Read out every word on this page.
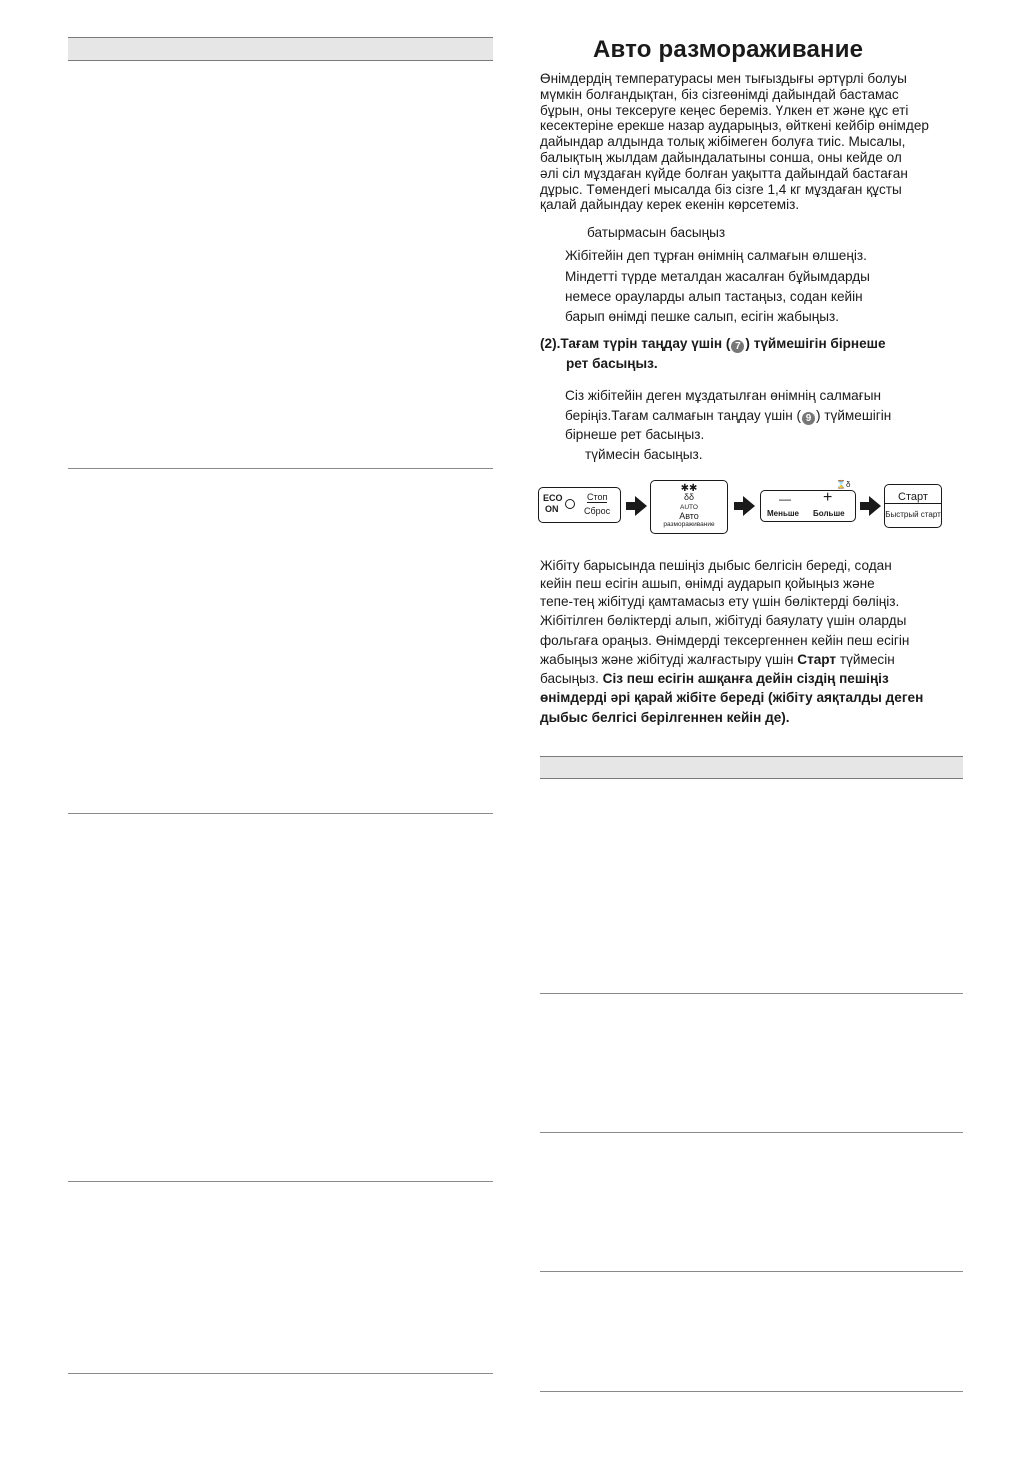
Авто размораживание

Өнімдердің температурасы мен тығыздығы әртүрлі болуы

мүмкін болғандықтан, біз сізгеөнімді дайындай бастамас

бұрын, оны тексеруге кеңес береміз. Үлкен ет және құс еті

кесектеріне ерекше назар аударыңыз, өйткені кейбір өнімдер

дайындар алдында толық жібімеген болуға тиіс. Мысалы,

балықтың жылдам дайындалатыны сонша, оны кейде ол

әлі сіл мұздаған күйде болған уақытта дайындай бастаған

дұрыс. Төмендегі мысалда біз сізге 1,4 кг мұздаған құсты

қалай дайындау керек екенін көрсетеміз.

батырмасын басыңыз
Жібітейін деп тұрған өнімнің салмағын өлшеңіз.
Міндетті түрде металдан жасалған бұйымдарды
немесе орауларды алып тастаңыз, содан кейін
барып өнімді пешке салып, есігін жабыңыз.
(2).Тағам түрін таңдау үшін ( 7 ) түймешігін бірнеше
рет басыңыз.
Сіз жібітейін деген мұздатылған өнімнің салмағын
беріңіз.Тағам салмағын таңдау үшін ( 9 ) түймешігін
бірнеше рет басыңыз.
түймесін басыңыз.
ECO
ON
Стоп
Сброс
✱✱
δδ
AUTO
Авто
размораживание
⌛δ
— +
Меньше Больше
Старт
Быстрый старт
Жібіту барысында пешіңіз дыбыс белгісін береді, содан
кейін пеш есігін ашып, өнімді аударып қойыңыз және
тепе-тең жібітуді қамтамасыз ету үшін бөліктерді бөліңіз.
Жібітілген бөліктерді алып, жібітуді баяулату үшін оларды
фольгаға ораңыз. Өнімдерді тексергеннен кейін пеш есігін
жабыңыз және жібітуді жалғастыру үшін Старт түймесін
басыңыз. Сіз пеш есігін ашқанға дейін сіздің пешіңіз
өнімдерді әрі қарай жібіте береді (жібіту аяқталды деген
дыбыс белгісі берілгеннен кейін де).
